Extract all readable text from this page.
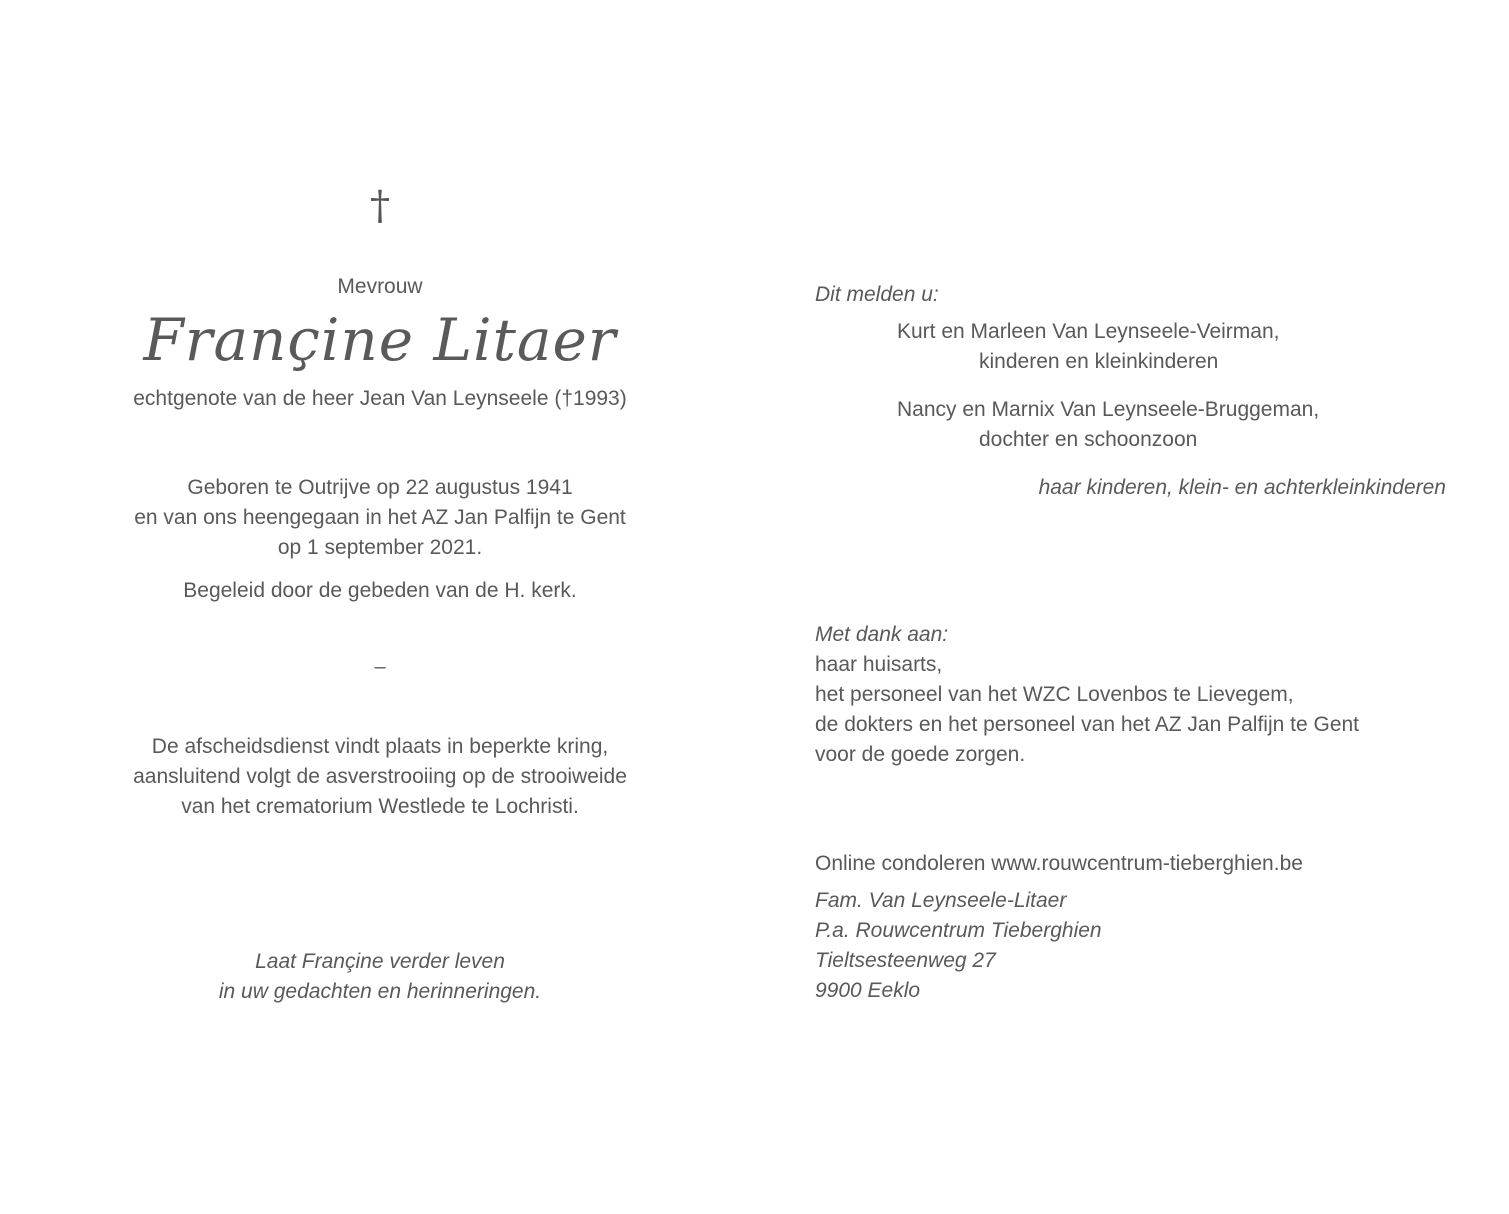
†
Mevrouw
Françine Litaer
echtgenote van de heer Jean Van Leynseele (†1993)

Geboren te Outrijve op 22 augustus 1941

en van ons heengegaan in het AZ Jan Palfijn te Gent

op 1 september 2021.

Begeleid door de gebeden van de H. kerk.
–

De afscheidsdienst vindt plaats in beperkte kring,

aansluitend volgt de asverstrooiing op de strooiweide

van het crematorium Westlede te Lochristi.

Laat Françine verder leven

in uw gedachten en herinneringen.

Dit melden u:

Kurt en Marleen Van Leynseele-Veirman,

kinderen en kleinkinderen

Nancy en Marnix Van Leynseele-Bruggeman,

dochter en schoonzoon

haar kinderen, klein- en achterkleinkinderen

Met dank aan:

haar huisarts,

het personeel van het WZC Lovenbos te Lievegem,

de dokters en het personeel van het AZ Jan Palfijn te Gent

voor de goede zorgen.

Online condoleren www.rouwcentrum-tieberghien.be

Fam. Van Leynseele-Litaer

P.a. Rouwcentrum Tieberghien

Tieltsesteenweg 27

9900 Eeklo
